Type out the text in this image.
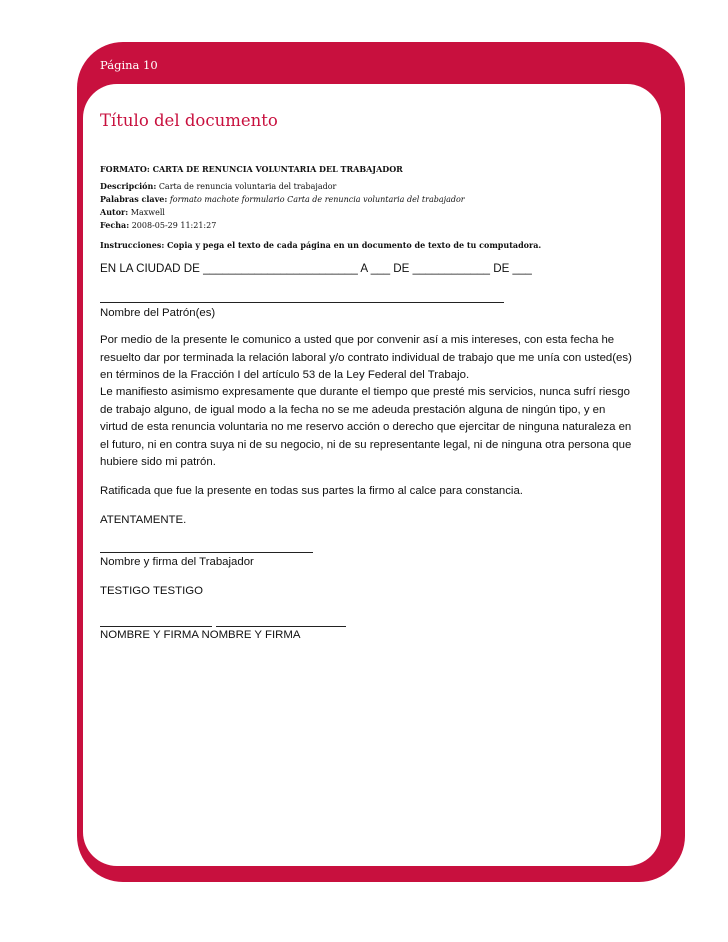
Página 10
Título del documento
FORMATO: CARTA DE RENUNCIA VOLUNTARIA DEL TRABAJADOR
Descripción: Carta de renuncia voluntaria del trabajador
Palabras clave: formato machote formulario Carta de renuncia voluntaria del trabajador
Autor: Maxwell
Fecha: 2008-05-29 11:21:27
Instrucciones: Copia y pega el texto de cada página en un documento de texto de tu computadora.
EN LA CIUDAD DE ________________________ A ___ DE ____________ DE ___
Nombre del Patrón(es)
Por medio de la presente le comunico a usted que por convenir así a mis intereses, con esta fecha he resuelto dar por terminada la relación laboral y/o contrato individual de trabajo que me unía con usted(es) en términos de la Fracción I del artículo 53 de la Ley Federal del Trabajo.
Le manifiesto asimismo expresamente que durante el tiempo que presté mis servicios, nunca sufrí riesgo de trabajo alguno, de igual modo a la fecha no se me adeuda prestación alguna de ningún tipo, y en virtud de esta renuncia voluntaria no me reservo acción o derecho que ejercitar de ninguna naturaleza en el futuro, ni en contra suya ni de su negocio, ni de su representante legal, ni de ninguna otra persona que hubiere sido mi patrón.
Ratificada que fue la presente en todas sus partes la firmo al calce para constancia.
ATENTAMENTE.
Nombre y firma del Trabajador
TESTIGO TESTIGO
NOMBRE Y FIRMA NOMBRE Y FIRMA
